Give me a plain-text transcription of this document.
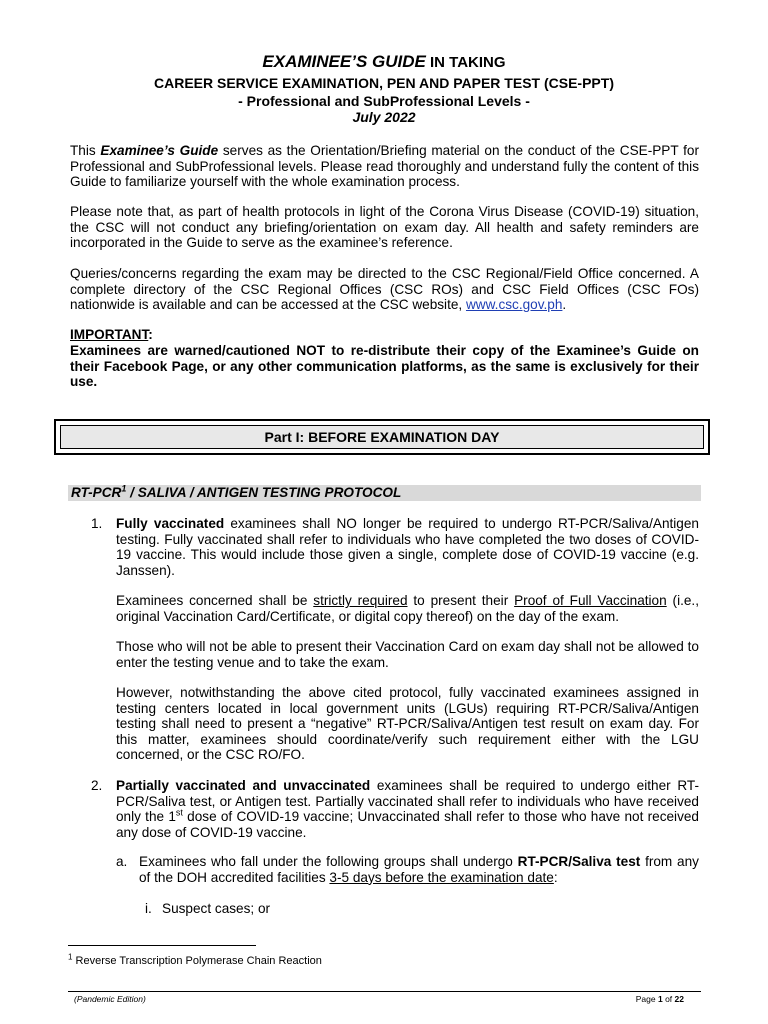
EXAMINEE’S GUIDE IN TAKING
CAREER SERVICE EXAMINATION, PEN AND PAPER TEST (CSE-PPT)
- Professional and SubProfessional Levels -
July 2022

This Examinee’s Guide serves as the Orientation/Briefing material on the conduct of the CSE-PPT for Professional and SubProfessional levels. Please read thoroughly and understand fully the content of this Guide to familiarize yourself with the whole examination process.

Please note that, as part of health protocols in light of the Corona Virus Disease (COVID-19) situation, the CSC will not conduct any briefing/orientation on exam day. All health and safety reminders are incorporated in the Guide to serve as the examinee’s reference.

Queries/concerns regarding the exam may be directed to the CSC Regional/Field Office concerned. A complete directory of the CSC Regional Offices (CSC ROs) and CSC Field Offices (CSC FOs) nationwide is available and can be accessed at the CSC website, www.csc.gov.ph.

IMPORTANT:

Examinees are warned/cautioned NOT to re-distribute their copy of the Examinee’s Guide on their Facebook Page, or any other communication platforms, as the same is exclusively for their use.

Part I: BEFORE EXAMINATION DAY
RT-PCR$^1$ / SALIVA / ANTIGEN TESTING PROTOCOL
1. Fully vaccinated examinees shall NO longer be required to undergo RT-PCR/Saliva/Antigen testing. Fully vaccinated shall refer to individuals who have completed the two doses of COVID-19 vaccine. This would include those given a single, complete dose of COVID-19 vaccine (e.g. Janssen).

Examinees concerned shall be strictly required to present their Proof of Full Vaccination (i.e., original Vaccination Card/Certificate, or digital copy thereof) on the day of the exam.

Those who will not be able to present their Vaccination Card on exam day shall not be allowed to enter the testing venue and to take the exam.

However, notwithstanding the above cited protocol, fully vaccinated examinees assigned in testing centers located in local government units (LGUs) requiring RT-PCR/Saliva/Antigen testing shall need to present a “negative” RT-PCR/Saliva/Antigen test result on exam day. For this matter, examinees should coordinate/verify such requirement either with the LGU concerned, or the CSC RO/FO.

2. Partially vaccinated and unvaccinated examinees shall be required to undergo either RT-PCR/Saliva test, or Antigen test. Partially vaccinated shall refer to individuals who have received only the 1st dose of COVID-19 vaccine; Unvaccinated shall refer to those who have not received any dose of COVID-19 vaccine.

a. Examinees who fall under the following groups shall undergo RT-PCR/Saliva test from any of the DOH accredited facilities 3-5 days before the examination date:

i. Suspect cases; or
$^1$ Reverse Transcription Polymerase Chain Reaction
(Pandemic Edition)	Page 1 of 22
